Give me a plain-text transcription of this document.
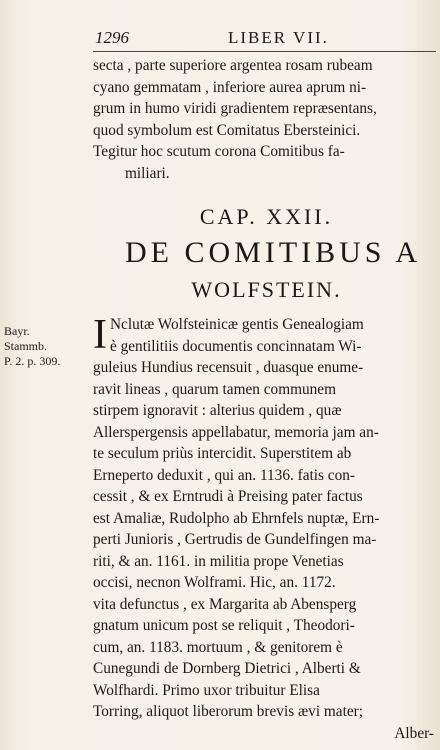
1296	LIBER VII.
secta , parte superiore argentea rosam rubeam
cyano gemmatam , inferiore aurea aprum ni-
grum in humo viridi gradientem repræsentans,
quod symbolum est Comitatus Ebersteinici.
Tegitur hoc scutum corona Comitibus fa-
miliari.
CAP. XXII.
DE COMITIBUS A
WOLFSTEIN.
Bayr.
Stammb.
P. 2. p. 309.
I Nclutæ Wolfsteinicæ gentis Genealogiam
è gentilitiis documentis concinnatam Wi-
guleius Hundius recensuit , duasque enume-
ravit lineas , quarum tamen communem
stirpem ignoravit : alterius quidem , quæ
Allerspergensis appellabatur, memoria jam an-
te seculum priùs intercidit. Superstitem ab
Erneperto deduxit , qui an. 1136. fatis con-
cessit , & ex Erntrudi à Preising pater factus
est Amaliæ, Rudolpho ab Ehrnfels nuptæ, Ern-
perti Junioris , Gertrudis de Gundelfingen ma-
riti, & an. 1161. in militia prope Venetias
occisi, necnon Wolframi. Hic, an. 1172.
vita defunctus , ex Margarita ab Abensperg
gnatum unicum post se reliquit , Theodori-
cum, an. 1183. mortuum , & genitorem è
Cunegundi de Dornberg Dietrici , Alberti &
Wolfhardi. Primo uxor tribuitur Elisa
Torring, aliquot liberorum brevis ævi mater;
Alber-
